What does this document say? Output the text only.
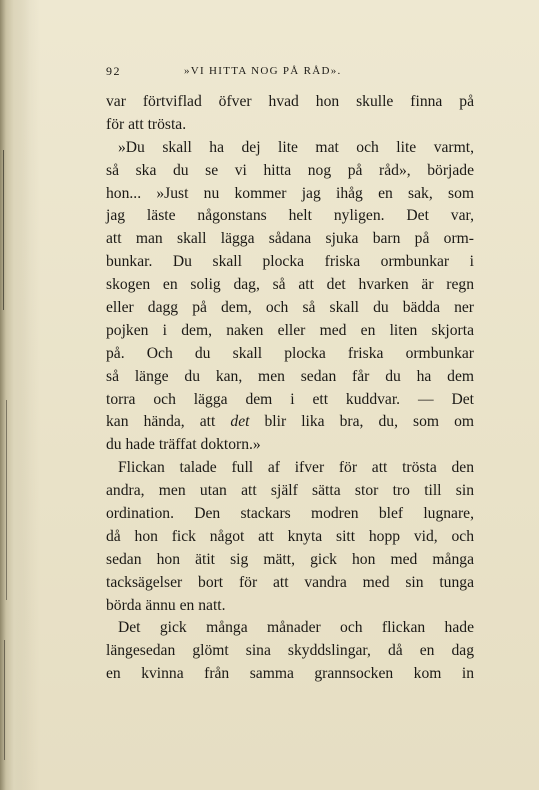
92	»VI HITTA NOG PÅ RÅD».
var förtviflad öfver hvad hon skulle finna på
för att trösta.
»Du skall ha dej lite mat och lite varmt,
så ska du se vi hitta nog på råd», började
hon... »Just nu kommer jag ihåg en sak, som
jag läste någonstans helt nyligen. Det var,
att man skall lägga sådana sjuka barn på orm-
bunkar. Du skall plocka friska ormbunkar i
skogen en solig dag, så att det hvarken är regn
eller dagg på dem, och så skall du bädda ner
pojken i dem, naken eller med en liten skjorta
på. Och du skall plocka friska ormbunkar
så länge du kan, men sedan får du ha dem
torra och lägga dem i ett kuddvar. — Det
kan hända, att det blir lika bra, du, som om
du hade träffat doktorn.»
Flickan talade full af ifver för att trösta den
andra, men utan att själf sätta stor tro till sin
ordination. Den stackars modren blef lugnare,
då hon fick något att knyta sitt hopp vid, och
sedan hon ätit sig mätt, gick hon med många
tacksägelser bort för att vandra med sin tunga
börda ännu en natt.
Det gick många månader och flickan hade
längesedan glömt sina skyddslingar, då en dag
en kvinna från samma grannsocken kom in
